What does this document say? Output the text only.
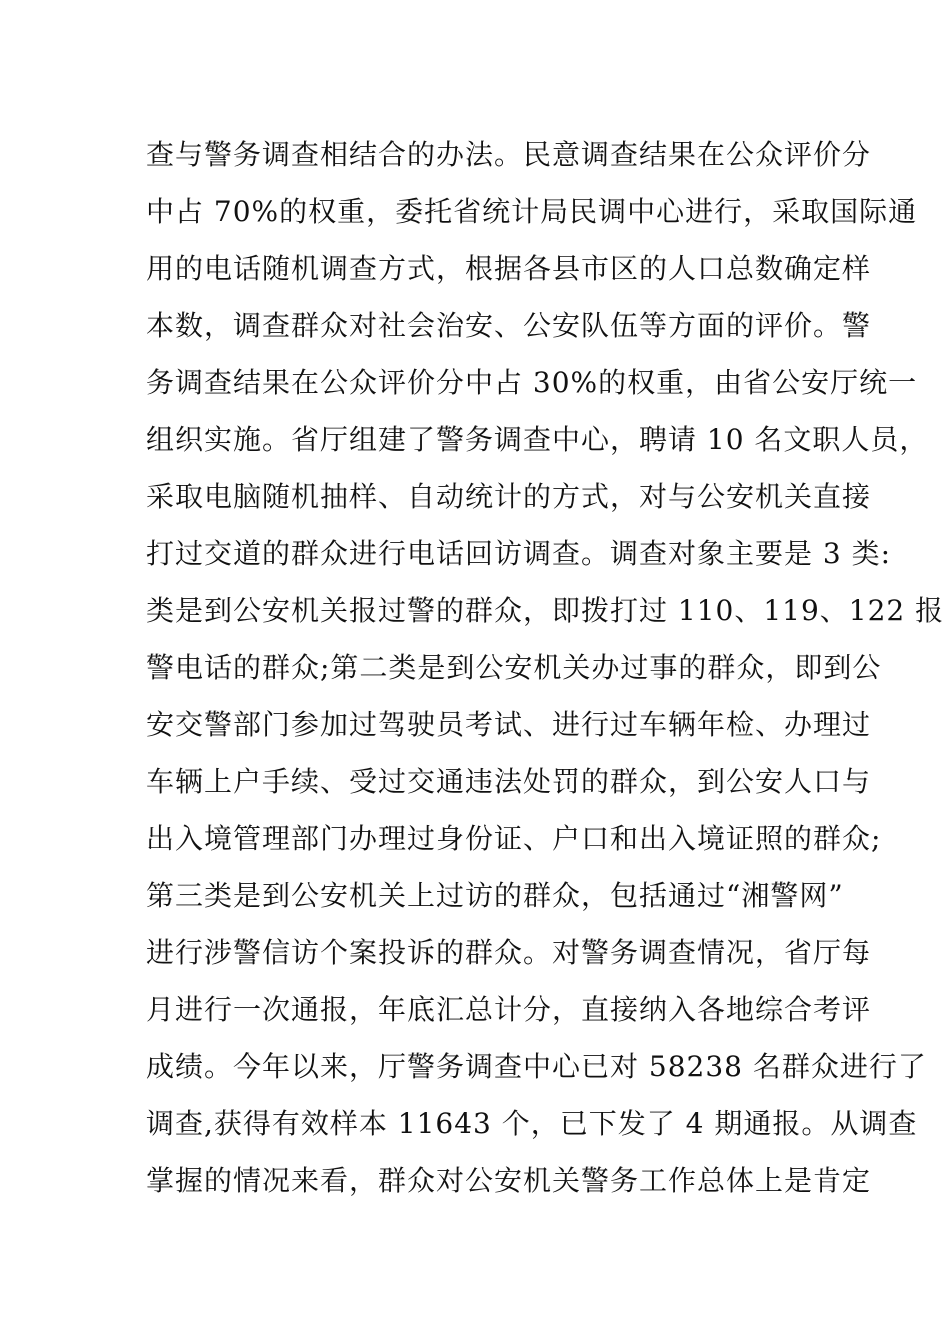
查与警务调查相结合的办法。民意调查结果在公众评价分
中占 70%的权重，委托省统计局民调中心进行，采取国际通
用的电话随机调查方式，根据各县市区的人口总数确定样
本数，调查群众对社会治安、公安队伍等方面的评价。警
务调查结果在公众评价分中占 30%的权重，由省公安厅统一
组织实施。省厅组建了警务调查中心，聘请 10 名文职人员，
采取电脑随机抽样、自动统计的方式，对与公安机关直接
打过交道的群众进行电话回访调查。调查对象主要是 3 类:
类是到公安机关报过警的群众，即拨打过 110、119、122 报
警电话的群众;第二类是到公安机关办过事的群众，即到公
安交警部门参加过驾驶员考试、进行过车辆年检、办理过
车辆上户手续、受过交通违法处罚的群众，到公安人口与
出入境管理部门办理过身份证、户口和出入境证照的群众;
第三类是到公安机关上过访的群众，包括通过“湘警网”
进行涉警信访个案投诉的群众。对警务调查情况，省厅每
月进行一次通报，年底汇总计分，直接纳入各地综合考评
成绩。今年以来，厅警务调查中心已对 58238 名群众进行了
调查,获得有效样本 11643 个，已下发了 4 期通报。从调查
掌握的情况来看，群众对公安机关警务工作总体上是肯定
